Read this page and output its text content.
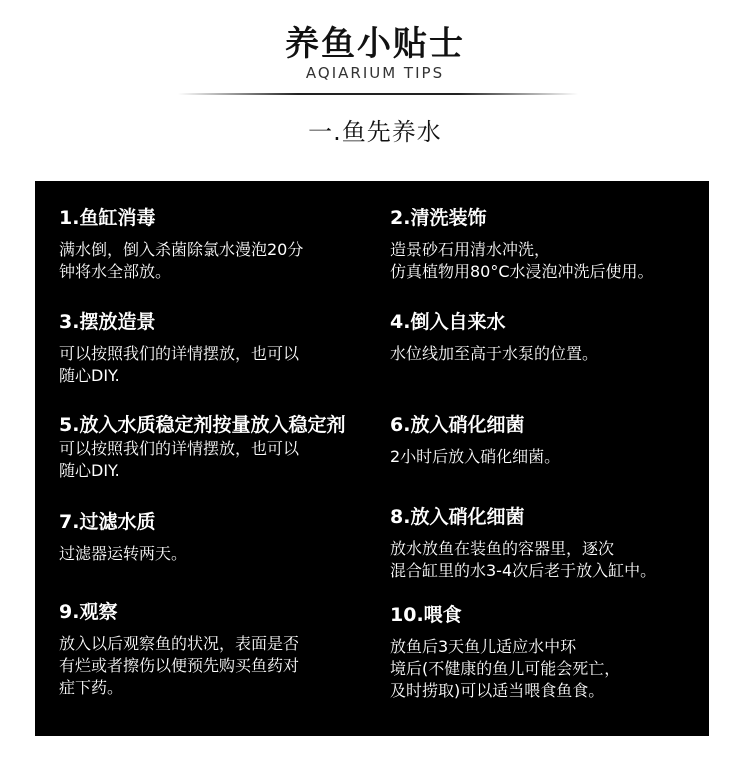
养鱼小贴士
AQIARIUM TIPS
一.鱼先养水
1.鱼缸消毒
满水倒，倒入杀菌除氯水漫泡20分
钟将水全部放。
2.清洗装饰
造景砂石用清水冲洗，
仿真植物用80°C水浸泡冲洗后使用。
3.摆放造景
可以按照我们的详情摆放，也可以
随心DIY.
4.倒入自来水
水位线加至高于水泵的位置。
5.放入水质稳定剂按量放入稳定剂
可以按照我们的详情摆放，也可以
随心DIY.
6.放入硝化细菌
2小时后放入硝化细菌。
7.过滤水质
过滤器运转两天。
8.放入硝化细菌
放水放鱼在装鱼的容器里，逐次
混合缸里的水3-4次后老于放入缸中。
9.观察
放入以后观察鱼的状况，表面是否
有烂或者擦伤以便预先购买鱼药对
症下药。
10.喂食
放鱼后3天鱼儿适应水中环
境后(不健康的鱼儿可能会死亡，
及时捞取)可以适当喂食鱼食。
